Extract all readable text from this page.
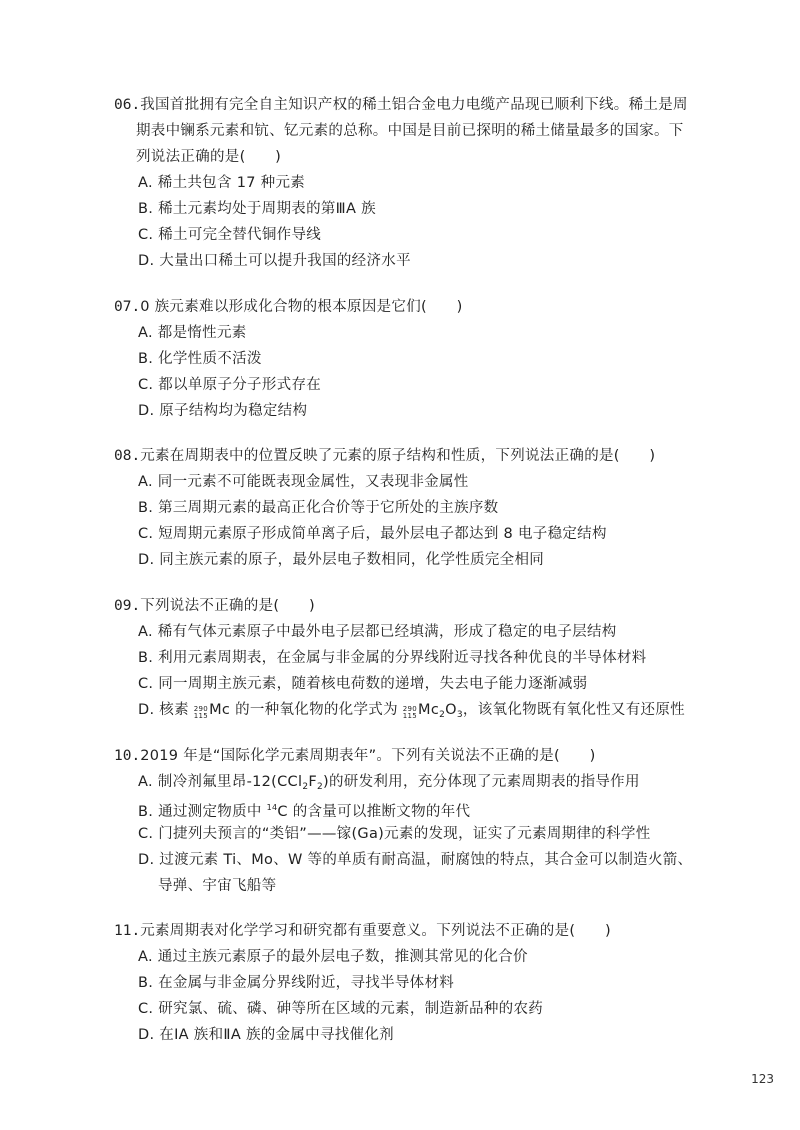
06.我国首批拥有完全自主知识产权的稀土铝合金电力电缆产品现已顺利下线。稀土是周
期表中镧系元素和钪、钇元素的总称。中国是目前已探明的稀土储量最多的国家。下
列说法正确的是(　　)
A. 稀土共包含 17 种元素
B. 稀土元素均处于周期表的第ⅢA 族
C. 稀土可完全替代铜作导线
D. 大量出口稀土可以提升我国的经济水平
07.0 族元素难以形成化合物的根本原因是它们(　　)
A. 都是惰性元素
B. 化学性质不活泼
C. 都以单原子分子形式存在
D. 原子结构均为稳定结构
08.元素在周期表中的位置反映了元素的原子结构和性质，下列说法正确的是(　　)
A. 同一元素不可能既表现金属性，又表现非金属性
B. 第三周期元素的最高正化合价等于它所处的主族序数
C. 短周期元素原子形成简单离子后，最外层电子都达到 8 电子稳定结构
D. 同主族元素的原子，最外层电子数相同，化学性质完全相同
09.下列说法不正确的是(　　)
A. 稀有气体元素原子中最外电子层都已经填满，形成了稳定的电子层结构
B. 利用元素周期表，在金属与非金属的分界线附近寻找各种优良的半导体材料
C. 同一周期主族元素，随着核电荷数的递增，失去电子能力逐渐减弱
D. 核素 290
115 Mc 的一种氧化物的化学式为 290
115 $Mc_2O_3$，该氧化物既有氧化性又有还原性
10.2019 年是“国际化学元素周期表年”。下列有关说法不正确的是(　　)
A. 制冷剂氟里昂$-12(CCl_2F_2)$的研发利用，充分体现了元素周期表的指导作用
B. 通过测定物质中 $^{14}$C 的含量可以推断文物的年代
C. 门捷列夫预言的“类铝”——镓(Ga)元素的发现，证实了元素周期律的科学性
D. 过渡元素 Ti、Mo、W 等的单质有耐高温，耐腐蚀的特点，其合金可以制造火箭、
导弹、宇宙飞船等
11.元素周期表对化学学习和研究都有重要意义。下列说法不正确的是(　　)
A. 通过主族元素原子的最外层电子数，推测其常见的化合价
B. 在金属与非金属分界线附近，寻找半导体材料
C. 研究氯、硫、磷、砷等所在区域的元素，制造新品种的农药
D. 在ⅠA 族和ⅡA 族的金属中寻找催化剂
123
